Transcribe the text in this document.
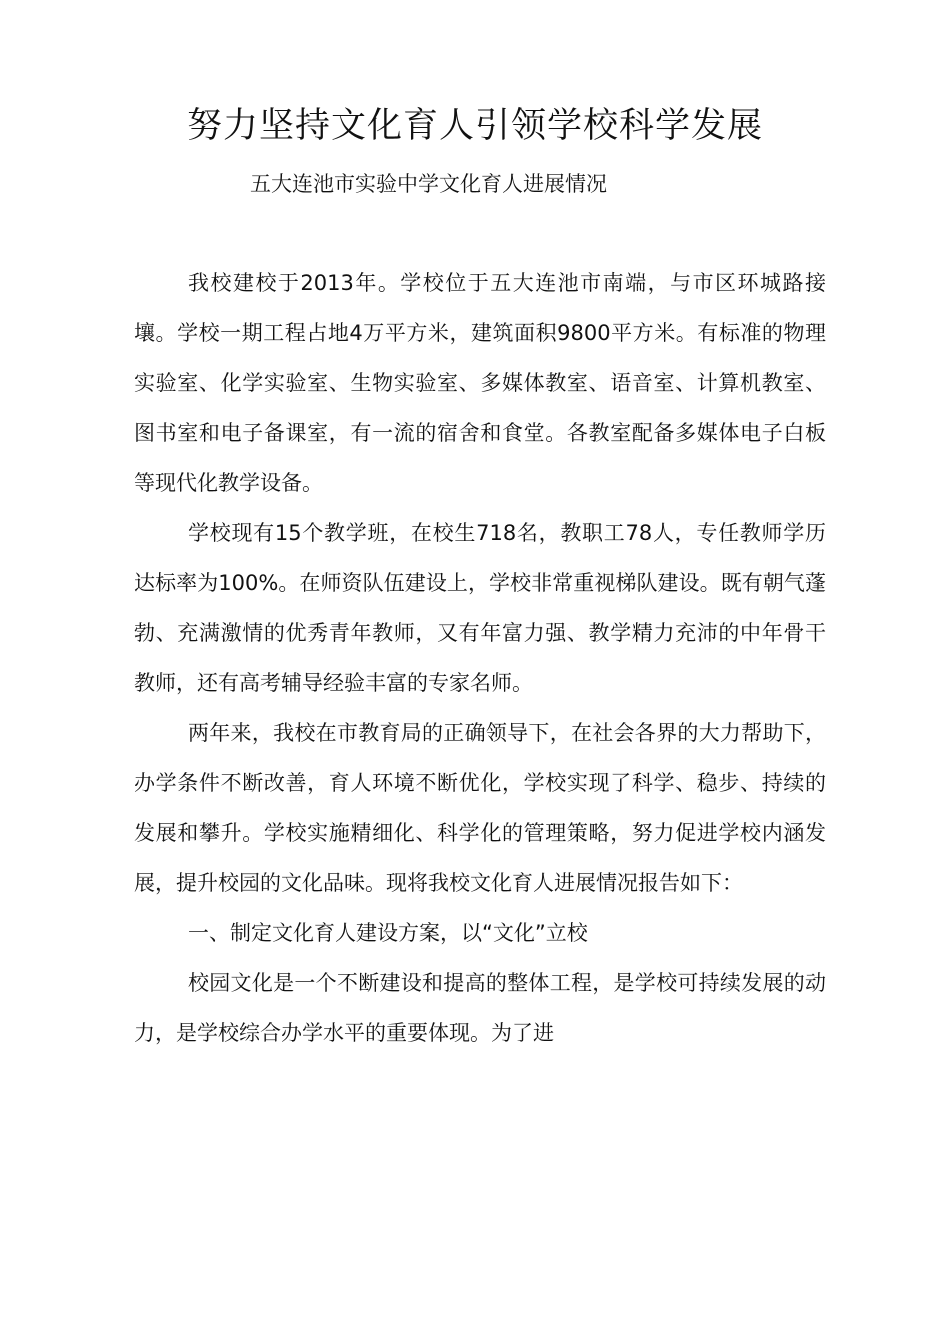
努力坚持文化育人引领学校科学发展
五大连池市实验中学文化育人进展情况

我校建校于2013年。学校位于五大连池市南端，与市区环城路接壤。学校一期工程占地4万平方米，建筑面积9800平方米。有标准的物理实验室、化学实验室、生物实验室、多媒体教室、语音室、计算机教室、图书室和电子备课室，有一流的宿舍和食堂。各教室配备多媒体电子白板等现代化教学设备。

学校现有15个教学班，在校生718名，教职工78人，专任教师学历达标率为100%。在师资队伍建设上，学校非常重视梯队建设。既有朝气蓬勃、充满激情的优秀青年教师，又有年富力强、教学精力充沛的中年骨干教师，还有高考辅导经验丰富的专家名师。

两年来，我校在市教育局的正确领导下，在社会各界的大力帮助下，办学条件不断改善，育人环境不断优化，学校实现了科学、稳步、持续的发展和攀升。学校实施精细化、科学化的管理策略，努力促进学校内涵发展，提升校园的文化品味。现将我校文化育人进展情况报告如下：

一、制定文化育人建设方案，以“文化”立校

校园文化是一个不断建设和提高的整体工程，是学校可持续发展的动力，是学校综合办学水平的重要体现。为了进
